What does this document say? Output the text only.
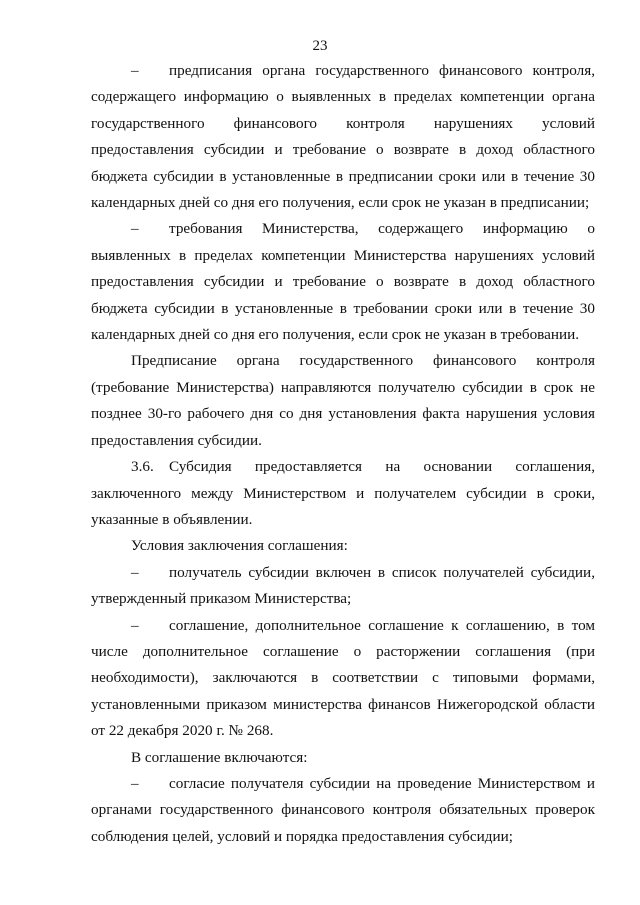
23

– предписания органа государственного финансового контроля, содержащего информацию о выявленных в пределах компетенции органа государственного финансового контроля нарушениях условий предоставления субсидии и требование о возврате в доход областного бюджета субсидии в установленные в предписании сроки или в течение 30 календарных дней со дня его получения, если срок не указан в предписании;

– требования Министерства, содержащего информацию о выявленных в пределах компетенции Министерства нарушениях условий предоставления субсидии и требование о возврате в доход областного бюджета субсидии в установленные в требовании сроки или в течение 30 календарных дней со дня его получения, если срок не указан в требовании.

Предписание органа государственного финансового контроля (требование Министерства) направляются получателю субсидии в срок не позднее 30-го рабочего дня со дня установления факта нарушения условия предоставления субсидии.

3.6. Субсидия предоставляется на основании соглашения, заключенного между Министерством и получателем субсидии в сроки, указанные в объявлении.

Условия заключения соглашения:

– получатель субсидии включен в список получателей субсидии, утвержденный приказом Министерства;

– соглашение, дополнительное соглашение к соглашению, в том числе дополнительное соглашение о расторжении соглашения (при необходимости), заключаются в соответствии с типовыми формами, установленными приказом министерства финансов Нижегородской области от 22 декабря 2020 г. № 268.

В соглашение включаются:

– согласие получателя субсидии на проведение Министерством и органами государственного финансового контроля обязательных проверок соблюдения целей, условий и порядка предоставления субсидии;
